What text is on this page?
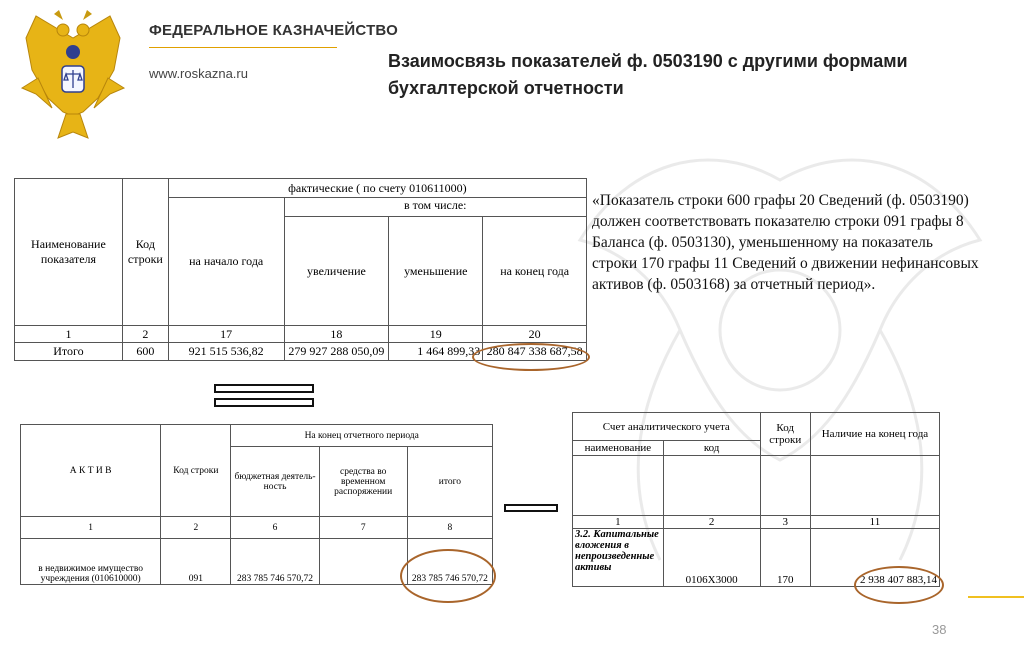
ФЕДЕРАЛЬНОЕ КАЗНАЧЕЙСТВО
www.roskazna.ru
Взаимосвязь показателей ф. 0503190 с другими формами бухгалтерской отчетности
«Показатель строки 600 графы 20 Сведений (ф. 0503190) должен соответствовать показателю строки 091 графы 8 Баланса (ф. 0503130), уменьшенному на показатель строки 170 графы 11 Сведений о движении нефинансовых активов (ф. 0503168) за отчетный период».
Наименование показателя	Код строки	фактические ( по счету 010611000)			
		на начало года	в том числе:		
			увеличение	уменьшение	на конец года
1	2	17	18	19	20
Итого	600	921 515 536,82	279 927 288 050,09	1 464 899,33	280 847 338 687,58
А К Т И В	Код строки	На конец отчетного периода		
		бюджетная деятель-ность	средства во временном распоряжении	итого
1	2	6	7	8
в недвижимое имущество учреждения (010610000)	091	283 785 746 570,72		283 785 746 570,72
Счет аналитического учета		Код строки	Наличие на конец года
наименование	код		

1	2	3	11
3.2. Капитальные вложения в непроизведенные активы	0106X3000	170	2 938 407 883,14
38
